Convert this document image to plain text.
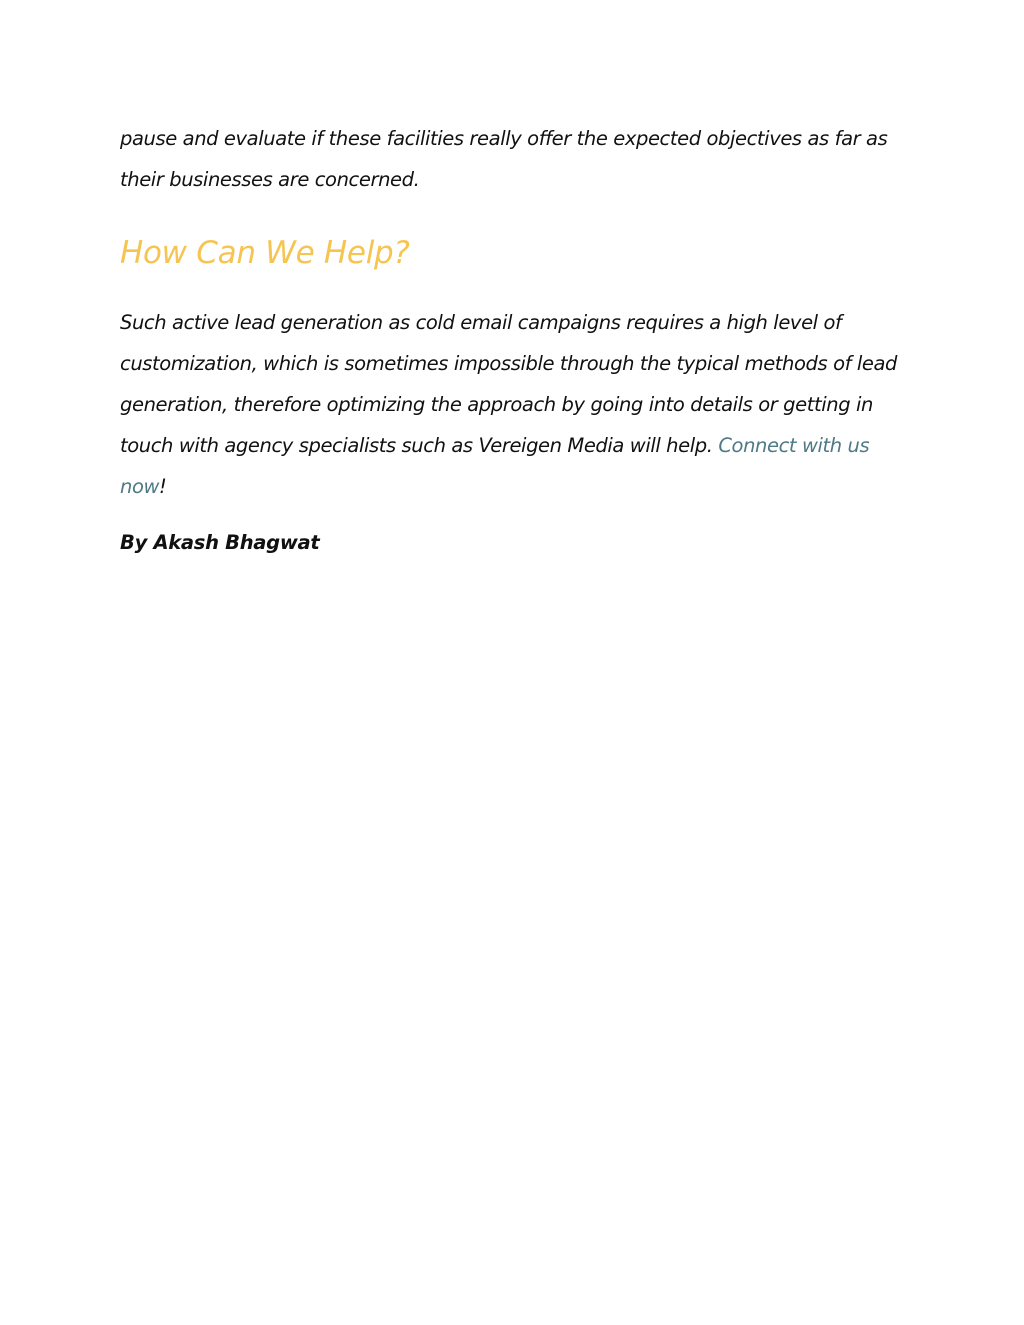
pause and evaluate if these facilities really offer the expected objectives as far as their businesses are concerned.

How Can We Help?

Such active lead generation as cold email campaigns requires a high level of customization, which is sometimes impossible through the typical methods of lead generation, therefore optimizing the approach by going into details or getting in touch with agency specialists such as Vereigen Media will help. Connect with us now!

By Akash Bhagwat
